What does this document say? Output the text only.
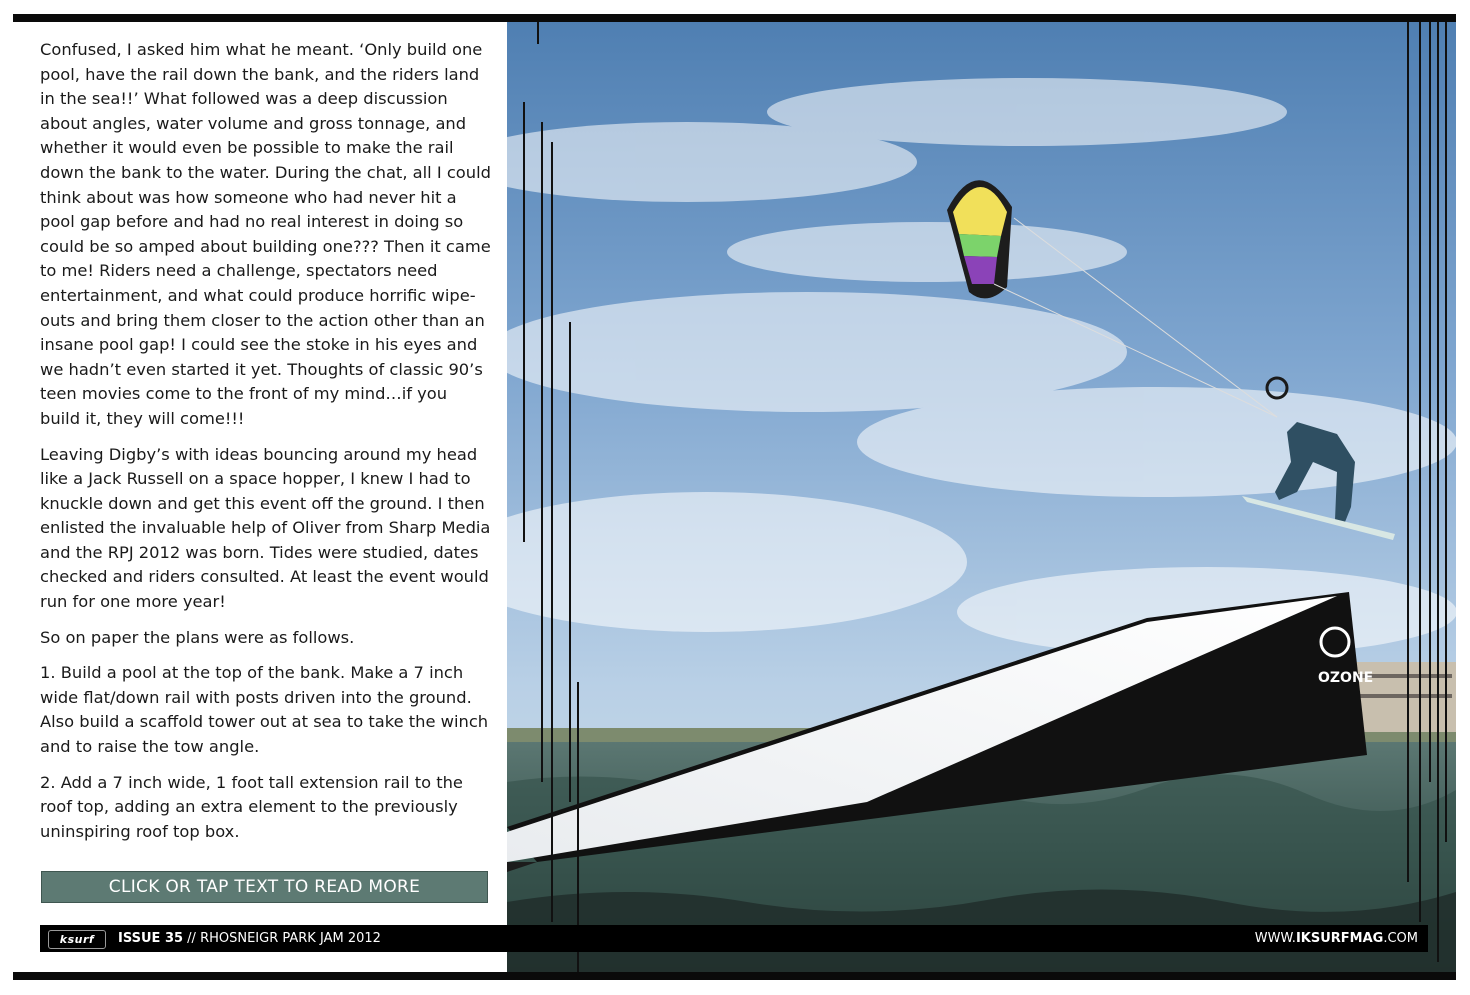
Confused, I asked him what he meant. ‘Only build one pool, have the rail down the bank, and the riders land in the sea!!’ What followed was a deep discussion about angles, water volume and gross tonnage, and whether it would even be possible to make the rail down the bank to the water. During the chat, all I could think about was how someone who had never hit a pool gap before and had no real interest in doing so could be so amped about building one??? Then it came to me! Riders need a challenge, spectators need entertainment, and what could produce horrific wipe-outs and bring them closer to the action other than an insane pool gap! I could see the stoke in his eyes and we hadn’t even started it yet. Thoughts of classic 90’s teen movies come to the front of my mind…if you build it, they will come!!!

Leaving Digby’s with ideas bouncing around my head like a Jack Russell on a space hopper, I knew I had to knuckle down and get this event off the ground. I then enlisted the invaluable help of Oliver from Sharp Media and the RPJ 2012 was born. Tides were studied, dates checked and riders consulted. At least the event would run for one more year!

So on paper the plans were as follows.

1. Build a pool at the top of the bank. Make a 7 inch wide flat/down rail with posts driven into the ground. Also build a scaffold tower out at sea to take the winch and to raise the tow angle.

2. Add a 7 inch wide, 1 foot tall extension rail to the roof top, adding an extra element to the previously uninspiring roof top box.

CLICK OR TAP TEXT TO READ MORE
OZONE
ksurf	ISSUE 35 // RHOSNEIGR PARK JAM 2012	WWW.IKSURFMAG.COM
